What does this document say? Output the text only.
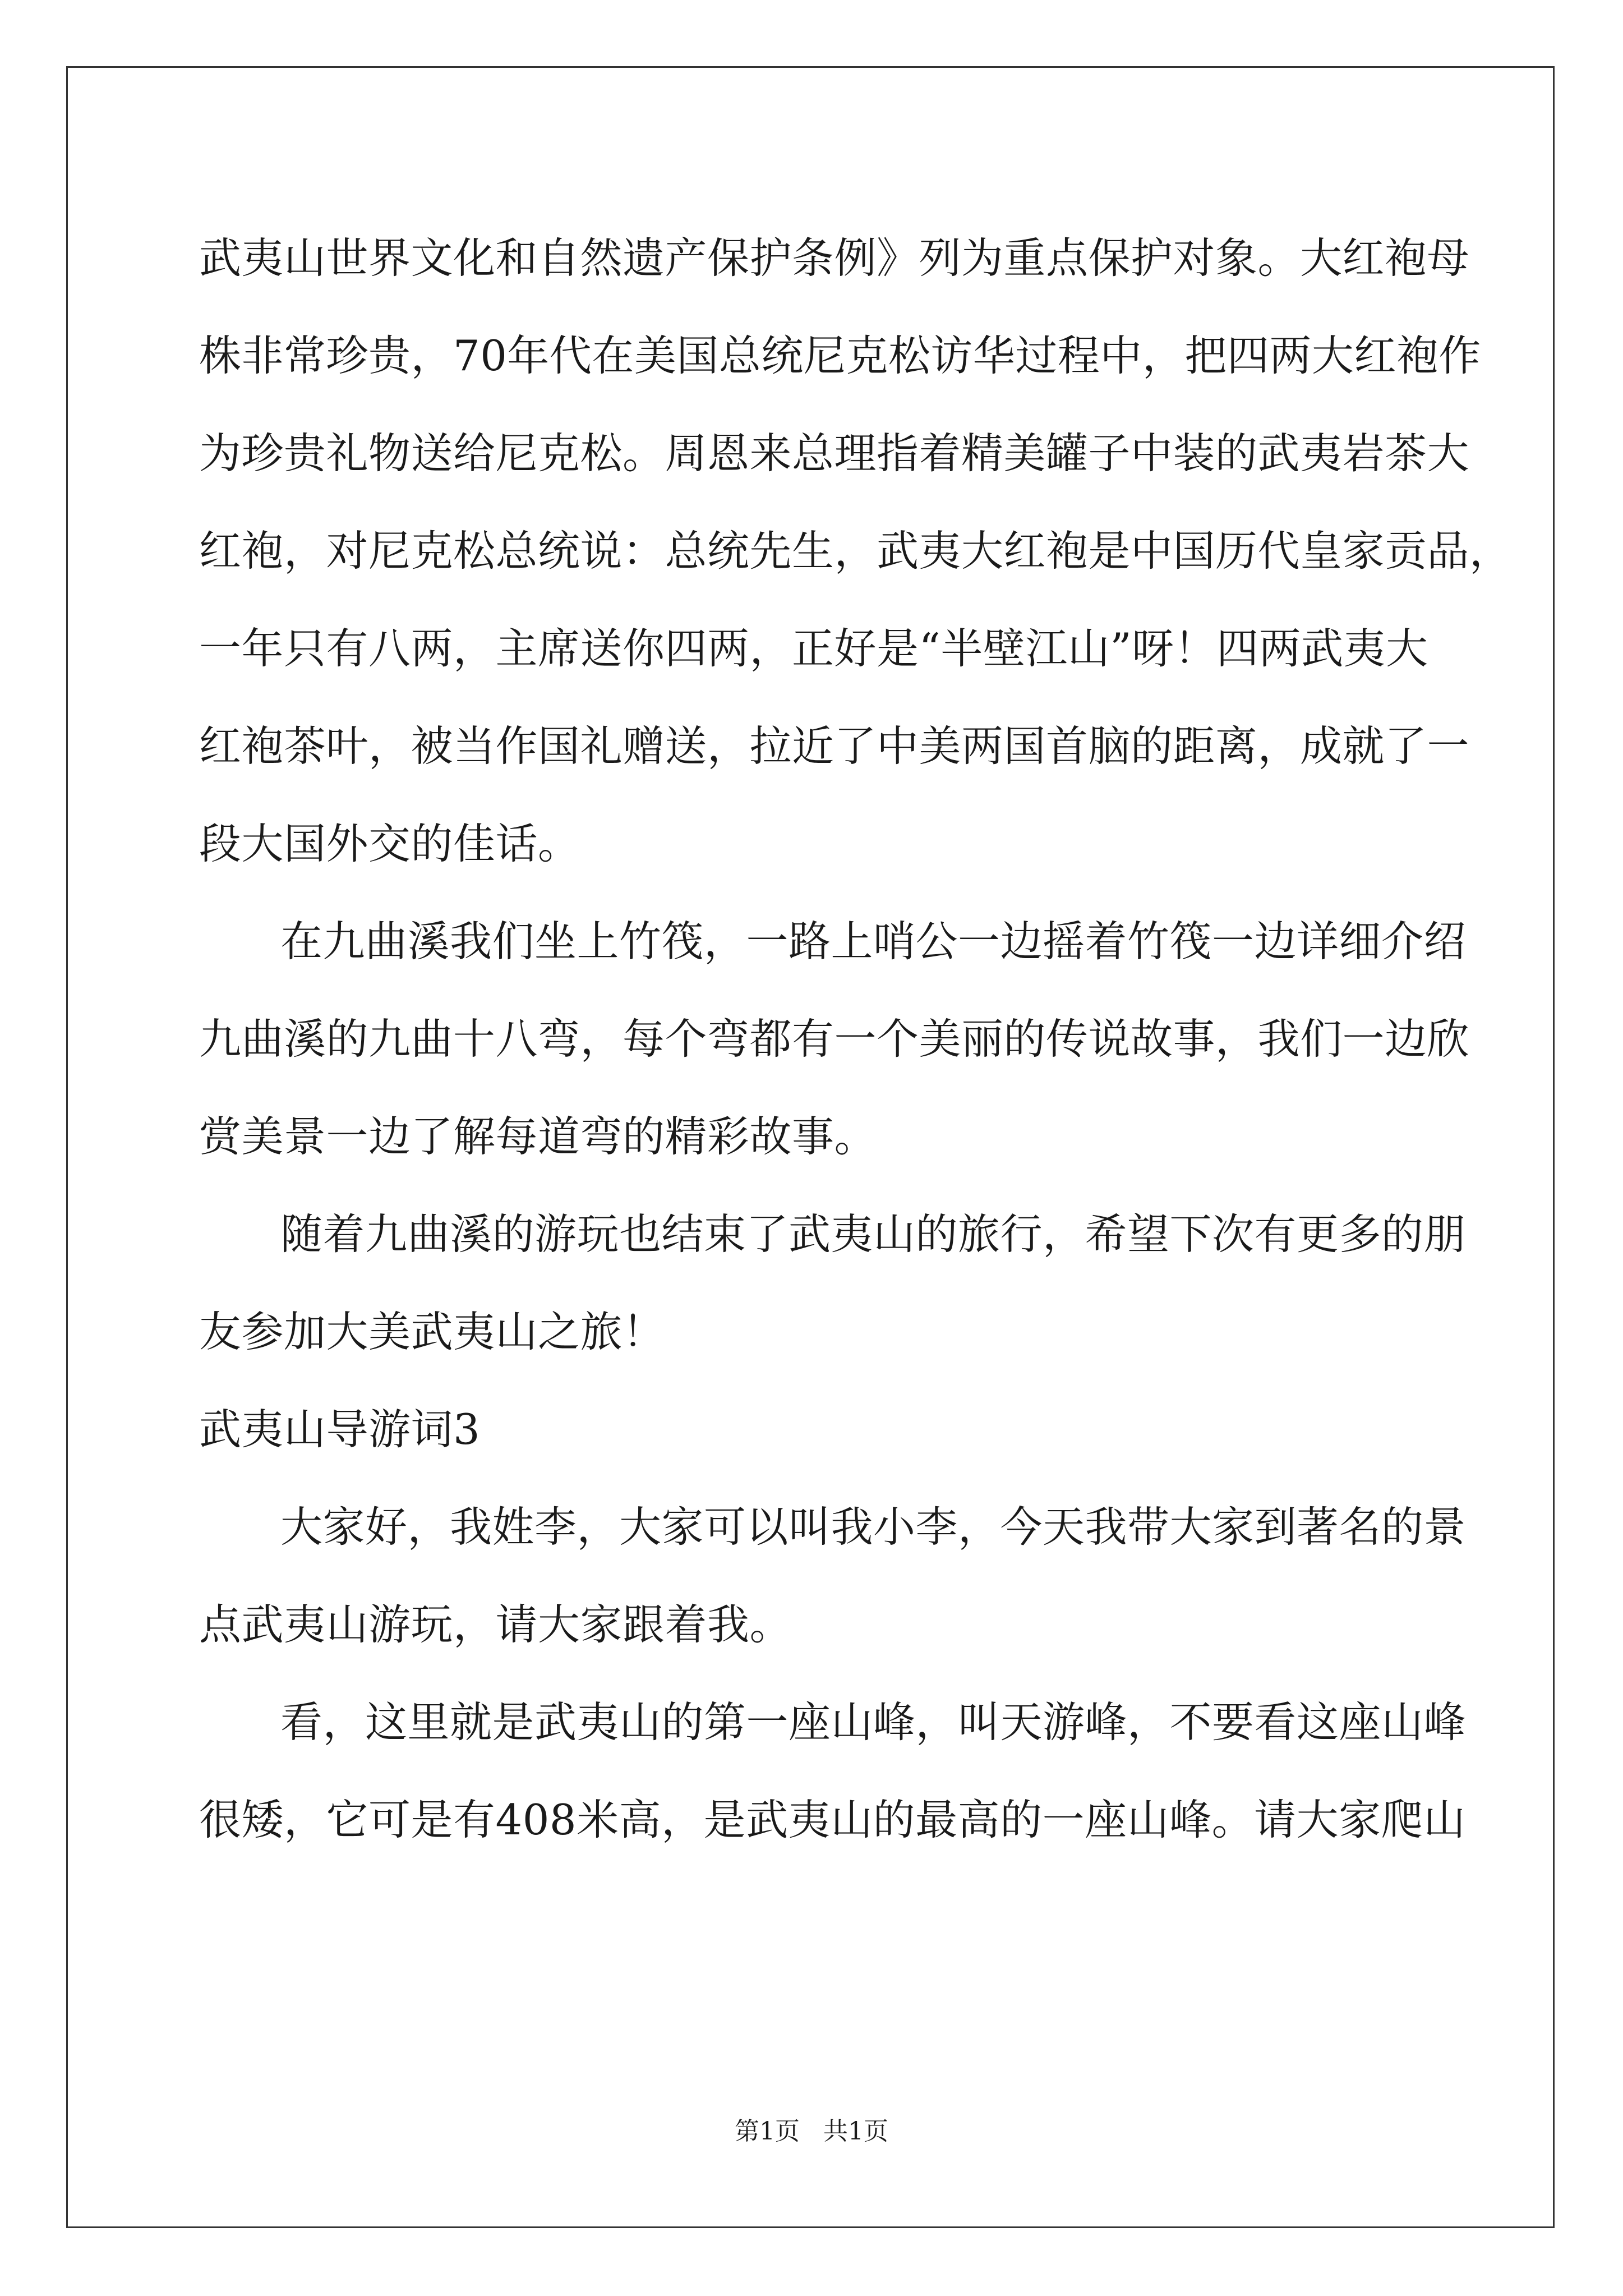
武夷山世界文化和自然遗产保护条例》列为重点保护对象。大红袍母
株非常珍贵，70年代在美国总统尼克松访华过程中，把四两大红袍作
为珍贵礼物送给尼克松。周恩来总理指着精美罐子中装的武夷岩茶大
红袍，对尼克松总统说：总统先生，武夷大红袍是中国历代皇家贡品，
一年只有八两，主席送你四两，正好是“半壁江山”呀！四两武夷大
红袍茶叶，被当作国礼赠送，拉近了中美两国首脑的距离，成就了一
段大国外交的佳话。
在九曲溪我们坐上竹筏，一路上哨公一边摇着竹筏一边详细介绍
九曲溪的九曲十八弯，每个弯都有一个美丽的传说故事，我们一边欣
赏美景一边了解每道弯的精彩故事。
随着九曲溪的游玩也结束了武夷山的旅行，希望下次有更多的朋
友参加大美武夷山之旅！
武夷山导游词3
大家好，我姓李，大家可以叫我小李，今天我带大家到著名的景
点武夷山游玩，请大家跟着我。
看，这里就是武夷山的第一座山峰，叫天游峰，不要看这座山峰
很矮，它可是有408米高，是武夷山的最高的一座山峰。请大家爬山
第1页   共1页
